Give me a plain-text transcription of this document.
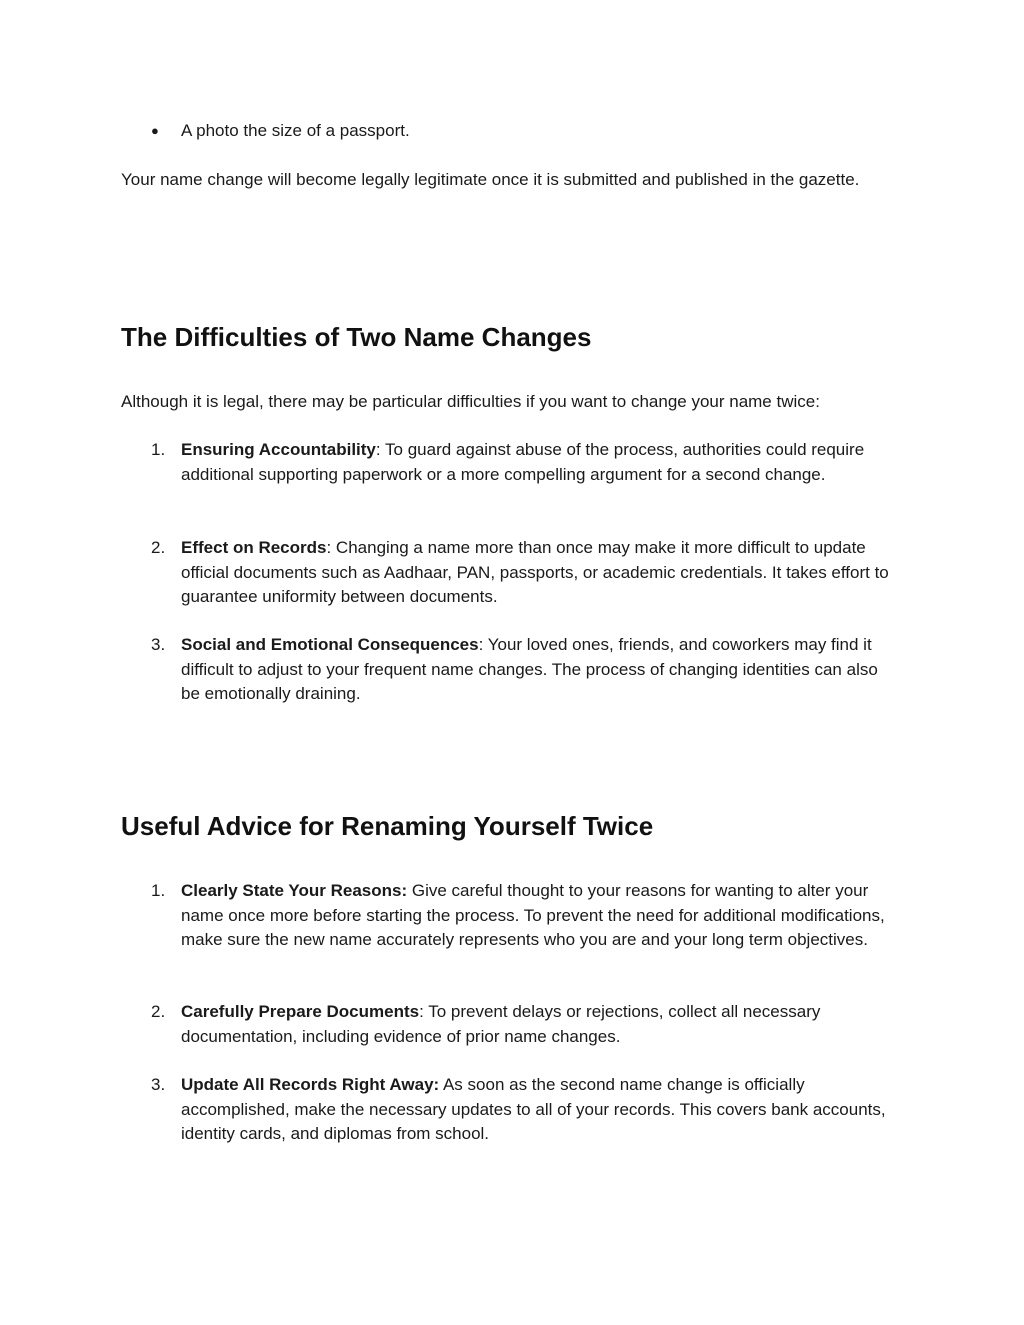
● A photo the size of a passport.

Your name change will become legally legitimate once it is submitted and published in the gazette.

The Difficulties of Two Name Changes

Although it is legal, there may be particular difficulties if you want to change your name twice:

1. Ensuring Accountability: To guard against abuse of the process, authorities could require additional supporting paperwork or a more compelling argument for a second change.
2. Effect on Records: Changing a name more than once may make it more difficult to update official documents such as Aadhaar, PAN, passports, or academic credentials. It takes effort to guarantee uniformity between documents.
3. Social and Emotional Consequences: Your loved ones, friends, and coworkers may find it difficult to adjust to your frequent name changes. The process of changing identities can also be emotionally draining.
Useful Advice for Renaming Yourself Twice
1. Clearly State Your Reasons: Give careful thought to your reasons for wanting to alter your name once more before starting the process. To prevent the need for additional modifications, make sure the new name accurately represents who you are and your long term objectives.
2. Carefully Prepare Documents: To prevent delays or rejections, collect all necessary documentation, including evidence of prior name changes.
3. Update All Records Right Away: As soon as the second name change is officially accomplished, make the necessary updates to all of your records. This covers bank accounts, identity cards, and diplomas from school.
